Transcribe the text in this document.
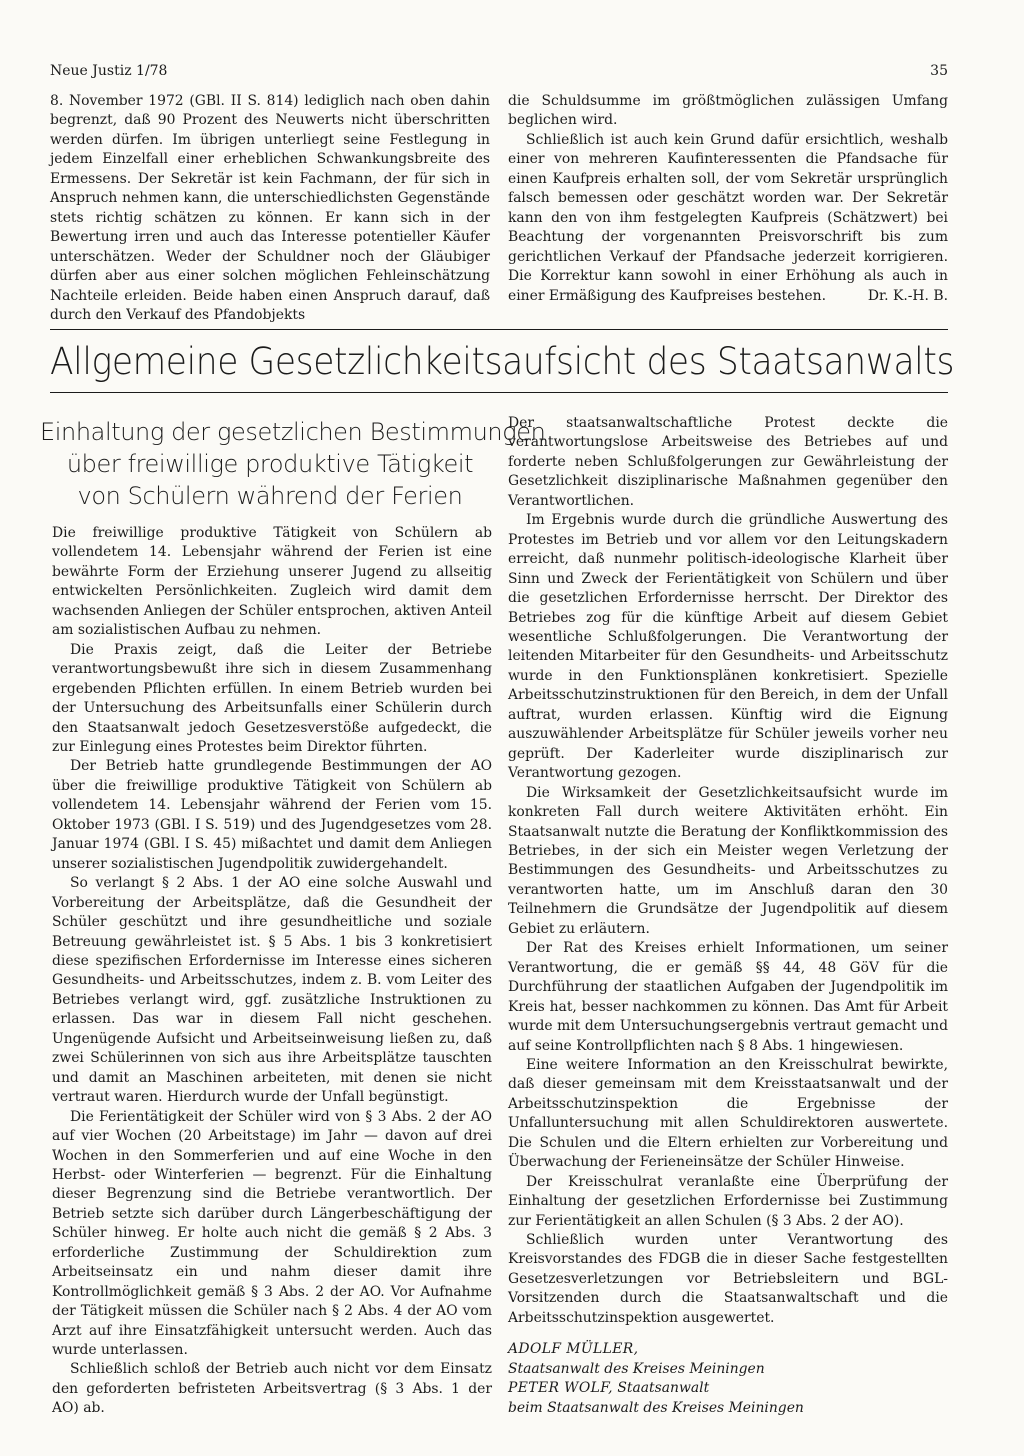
Neue Justiz 1/78	35

8. November 1972 (GBl. II S. 814) lediglich nach oben dahin begrenzt, daß 90 Prozent des Neuwerts nicht überschritten werden dürfen. Im übrigen unterliegt seine Festlegung in jedem Einzelfall einer erheblichen Schwankungsbreite des Ermessens. Der Sekretär ist kein Fachmann, der für sich in Anspruch nehmen kann, die unterschiedlichsten Gegenstände stets richtig schätzen zu können. Er kann sich in der Bewertung irren und auch das Interesse potentieller Käufer unterschätzen. Weder der Schuldner noch der Gläubiger dürfen aber aus einer solchen möglichen Fehleinschätzung Nachteile erleiden. Beide haben einen Anspruch darauf, daß durch den Verkauf des Pfandobjekts

die Schuldsumme im größtmöglichen zulässigen Umfang beglichen wird.

Schließlich ist auch kein Grund dafür ersichtlich, weshalb einer von mehreren Kaufinteressenten die Pfandsache für einen Kaufpreis erhalten soll, der vom Sekretär ursprünglich falsch bemessen oder geschätzt worden war. Der Sekretär kann den von ihm festgelegten Kaufpreis (Schätzwert) bei Beachtung der vorgenannten Preisvorschrift bis zum gerichtlichen Verkauf der Pfandsache jederzeit korrigieren. Die Korrektur kann sowohl in einer Erhöhung als auch in einer Ermäßigung des Kaufpreises bestehen.	Dr. K.-H. B.

Allgemeine Gesetzlichkeitsaufsicht des Staatsanwalts
Einhaltung der gesetzlichen Bestimmungen
über freiwillige produktive Tätigkeit
von Schülern während der Ferien

Die freiwillige produktive Tätigkeit von Schülern ab vollendetem 14. Lebensjahr während der Ferien ist eine bewährte Form der Erziehung unserer Jugend zu allseitig entwickelten Persönlichkeiten. Zugleich wird damit dem wachsenden Anliegen der Schüler entsprochen, aktiven Anteil am sozialistischen Aufbau zu nehmen.

Die Praxis zeigt, daß die Leiter der Betriebe verantwortungsbewußt ihre sich in diesem Zusammenhang ergebenden Pflichten erfüllen. In einem Betrieb wurden bei der Untersuchung des Arbeitsunfalls einer Schülerin durch den Staatsanwalt jedoch Gesetzesverstöße aufgedeckt, die zur Einlegung eines Protestes beim Direktor führten.

Der Betrieb hatte grundlegende Bestimmungen der AO über die freiwillige produktive Tätigkeit von Schülern ab vollendetem 14. Lebensjahr während der Ferien vom 15. Oktober 1973 (GBl. I S. 519) und des Jugendgesetzes vom 28. Januar 1974 (GBl. I S. 45) mißachtet und damit dem Anliegen unserer sozialistischen Jugendpolitik zuwidergehandelt.

So verlangt § 2 Abs. 1 der AO eine solche Auswahl und Vorbereitung der Arbeitsplätze, daß die Gesundheit der Schüler geschützt und ihre gesundheitliche und soziale Betreuung gewährleistet ist. § 5 Abs. 1 bis 3 konkretisiert diese spezifischen Erfordernisse im Interesse eines sicheren Gesundheits- und Arbeitsschutzes, indem z. B. vom Leiter des Betriebes verlangt wird, ggf. zusätzliche Instruktionen zu erlassen. Das war in diesem Fall nicht geschehen. Ungenügende Aufsicht und Arbeitseinweisung ließen zu, daß zwei Schülerinnen von sich aus ihre Arbeitsplätze tauschten und damit an Maschinen arbeiteten, mit denen sie nicht vertraut waren. Hierdurch wurde der Unfall begünstigt.

Die Ferientätigkeit der Schüler wird von § 3 Abs. 2 der AO auf vier Wochen (20 Arbeitstage) im Jahr — davon auf drei Wochen in den Sommerferien und auf eine Woche in den Herbst- oder Winterferien — begrenzt. Für die Einhaltung dieser Begrenzung sind die Betriebe verantwortlich. Der Betrieb setzte sich darüber durch Längerbeschäftigung der Schüler hinweg. Er holte auch nicht die gemäß § 2 Abs. 3 erforderliche Zustimmung der Schuldirektion zum Arbeitseinsatz ein und nahm dieser damit ihre Kontrollmöglichkeit gemäß § 3 Abs. 2 der AO. Vor Aufnahme der Tätigkeit müssen die Schüler nach § 2 Abs. 4 der AO vom Arzt auf ihre Einsatzfähigkeit untersucht werden. Auch das wurde unterlassen.

Schließlich schloß der Betrieb auch nicht vor dem Einsatz den geforderten befristeten Arbeitsvertrag (§ 3 Abs. 1 der AO) ab.

Der staatsanwaltschaftliche Protest deckte die verantwortungslose Arbeitsweise des Betriebes auf und forderte neben Schlußfolgerungen zur Gewährleistung der Gesetzlichkeit disziplinarische Maßnahmen gegenüber den Verantwortlichen.

Im Ergebnis wurde durch die gründliche Auswertung des Protestes im Betrieb und vor allem vor den Leitungskadern erreicht, daß nunmehr politisch-ideologische Klarheit über Sinn und Zweck der Ferientätigkeit von Schülern und über die gesetzlichen Erfordernisse herrscht. Der Direktor des Betriebes zog für die künftige Arbeit auf diesem Gebiet wesentliche Schlußfolgerungen. Die Verantwortung der leitenden Mitarbeiter für den Gesundheits- und Arbeitsschutz wurde in den Funktionsplänen konkretisiert. Spezielle Arbeitsschutzinstruktionen für den Bereich, in dem der Unfall auftrat, wurden erlassen. Künftig wird die Eignung auszuwählender Arbeitsplätze für Schüler jeweils vorher neu geprüft. Der Kaderleiter wurde disziplinarisch zur Verantwortung gezogen.

Die Wirksamkeit der Gesetzlichkeitsaufsicht wurde im konkreten Fall durch weitere Aktivitäten erhöht. Ein Staatsanwalt nutzte die Beratung der Konfliktkommission des Betriebes, in der sich ein Meister wegen Verletzung der Bestimmungen des Gesundheits- und Arbeitsschutzes zu verantworten hatte, um im Anschluß daran den 30 Teilnehmern die Grundsätze der Jugendpolitik auf diesem Gebiet zu erläutern.

Der Rat des Kreises erhielt Informationen, um seiner Verantwortung, die er gemäß §§ 44, 48 GöV für die Durchführung der staatlichen Aufgaben der Jugendpolitik im Kreis hat, besser nachkommen zu können. Das Amt für Arbeit wurde mit dem Untersuchungsergebnis vertraut gemacht und auf seine Kontrollpflichten nach § 8 Abs. 1 hingewiesen.

Eine weitere Information an den Kreisschulrat bewirkte, daß dieser gemeinsam mit dem Kreisstaatsanwalt und der Arbeitsschutzinspektion die Ergebnisse der Unfalluntersuchung mit allen Schuldirektoren auswertete. Die Schulen und die Eltern erhielten zur Vorbereitung und Überwachung der Ferieneinsätze der Schüler Hinweise.

Der Kreisschulrat veranlaßte eine Überprüfung der Einhaltung der gesetzlichen Erfordernisse bei Zustimmung zur Ferientätigkeit an allen Schulen (§ 3 Abs. 2 der AO).

Schließlich wurden unter Verantwortung des Kreisvorstandes des FDGB die in dieser Sache festgestellten Gesetzesverletzungen vor Betriebsleitern und BGL-Vorsitzenden durch die Staatsanwaltschaft und die Arbeitsschutzinspektion ausgewertet.

ADOLF MÜLLER,

Staatsanwalt des Kreises Meiningen

PETER WOLF, Staatsanwalt

beim Staatsanwalt des Kreises Meiningen
